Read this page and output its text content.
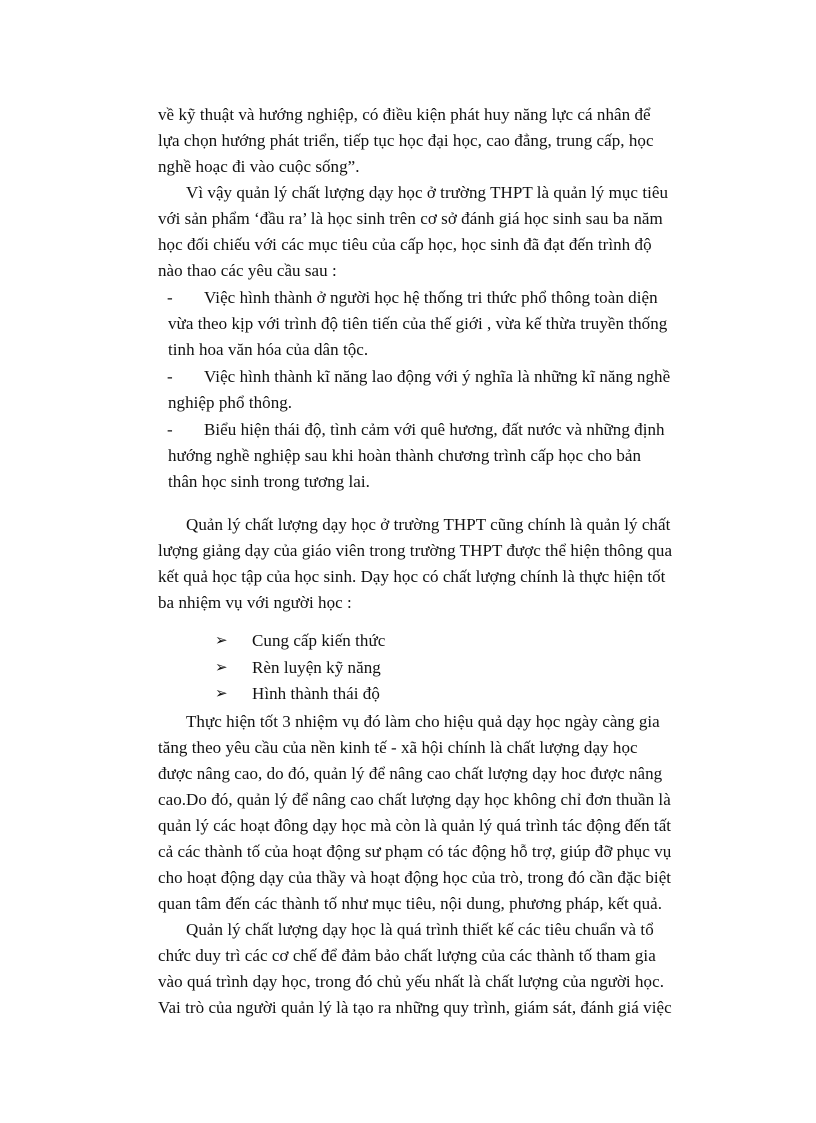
về kỹ thuật và hướng nghiệp, có điều kiện phát huy năng lực cá nhân để
lựa chọn hướng phát triển, tiếp tục học đại học, cao đẳng, trung cấp, học
nghề hoạc đi vào cuộc sống”.
Vì vậy quản lý chất lượng dạy học ở trường THPT là quản lý mục tiêu
với sản phẩm ‘đầu ra’ là học sinh trên cơ sở đánh giá học sinh sau ba năm
học đối chiếu với các mục tiêu của cấp học, học sinh đã đạt đến trình độ
nào thao các yêu cầu sau :
- Việc hình thành ở người học hệ thống tri thức phổ thông toàn diện
vừa theo kịp với trình độ tiên tiến của thế giới , vừa kế thừa truyền thống
tinh hoa văn hóa của dân tộc.
- Việc hình thành kĩ năng lao động với ý nghĩa là những kĩ năng nghề
nghiệp phổ thông.
- Biểu hiện thái độ, tình cảm với quê hương, đất nước và những định
hướng nghề nghiệp sau khi hoàn thành chương trình cấp học cho bản
thân học sinh trong tương lai.
Quản lý chất lượng dạy học ở trường THPT cũng chính là quản lý chất
lượng giảng dạy của giáo viên trong trường THPT được thể hiện thông qua
kết quả học tập của học sinh. Dạy học có chất lượng chính là thực hiện tốt
ba nhiệm vụ với người học :
➢ Cung cấp kiến thức
➢ Rèn luyện kỹ năng
➢ Hình thành thái độ
Thực hiện tốt 3 nhiệm vụ đó làm cho hiệu quả dạy học ngày càng gia
tăng theo yêu cầu của nền kinh tế - xã hội chính là chất lượng dạy học
được nâng cao, do đó, quản lý để nâng cao chất lượng dạy hoc được nâng
cao.Do đó, quản lý để nâng cao chất lượng dạy học không chỉ đơn thuần là
quản lý các hoạt đông dạy học mà còn là quản lý quá trình tác động đến tất
cả các thành tố của hoạt động sư phạm có tác động hỗ trợ, giúp đỡ phục vụ
cho hoạt động dạy của thầy và hoạt động học của trò, trong đó cần đặc biệt
quan tâm đến các thành tố như mục tiêu, nội dung, phương pháp, kết quả.
Quản lý chất lượng dạy học là quá trình thiết kế các tiêu chuẩn và tổ
chức duy trì các cơ chế để đảm bảo chất lượng của các thành tố tham gia
vào quá trình dạy học, trong đó chủ yếu nhất là chất lượng của người học.
Vai trò của người quản lý là tạo ra những quy trình, giám sát, đánh giá việc
